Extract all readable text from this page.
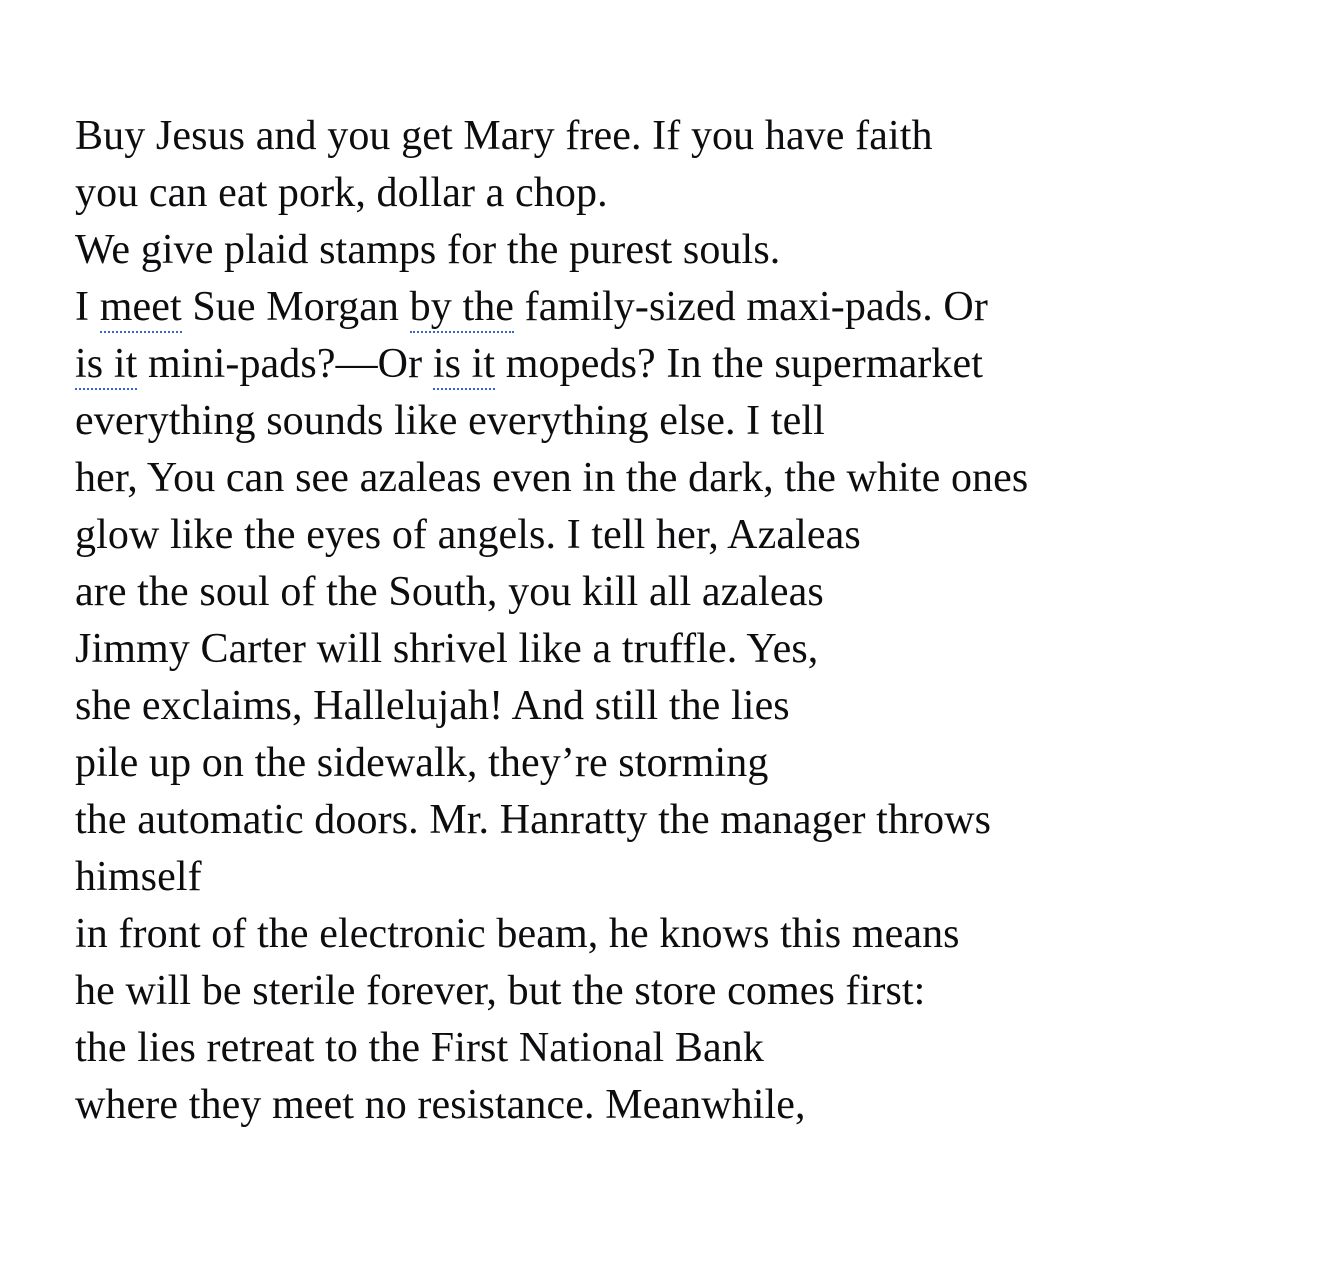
Buy Jesus and you get Mary free. If you have faith
you can eat pork, dollar a chop.
We give plaid stamps for the purest souls.
I meet Sue Morgan by the family-sized maxi-pads. Or
is it mini-pads?—Or is it mopeds? In the supermarket
everything sounds like everything else. I tell
her, You can see azaleas even in the dark, the white ones
glow like the eyes of angels. I tell her, Azaleas
are the soul of the South, you kill all azaleas
Jimmy Carter will shrivel like a truffle. Yes,
she exclaims, Hallelujah! And still the lies
pile up on the sidewalk, they’re storming
the automatic doors. Mr. Hanratty the manager throws
himself
in front of the electronic beam, he knows this means
he will be sterile forever, but the store comes first:
the lies retreat to the First National Bank
where they meet no resistance. Meanwhile,
